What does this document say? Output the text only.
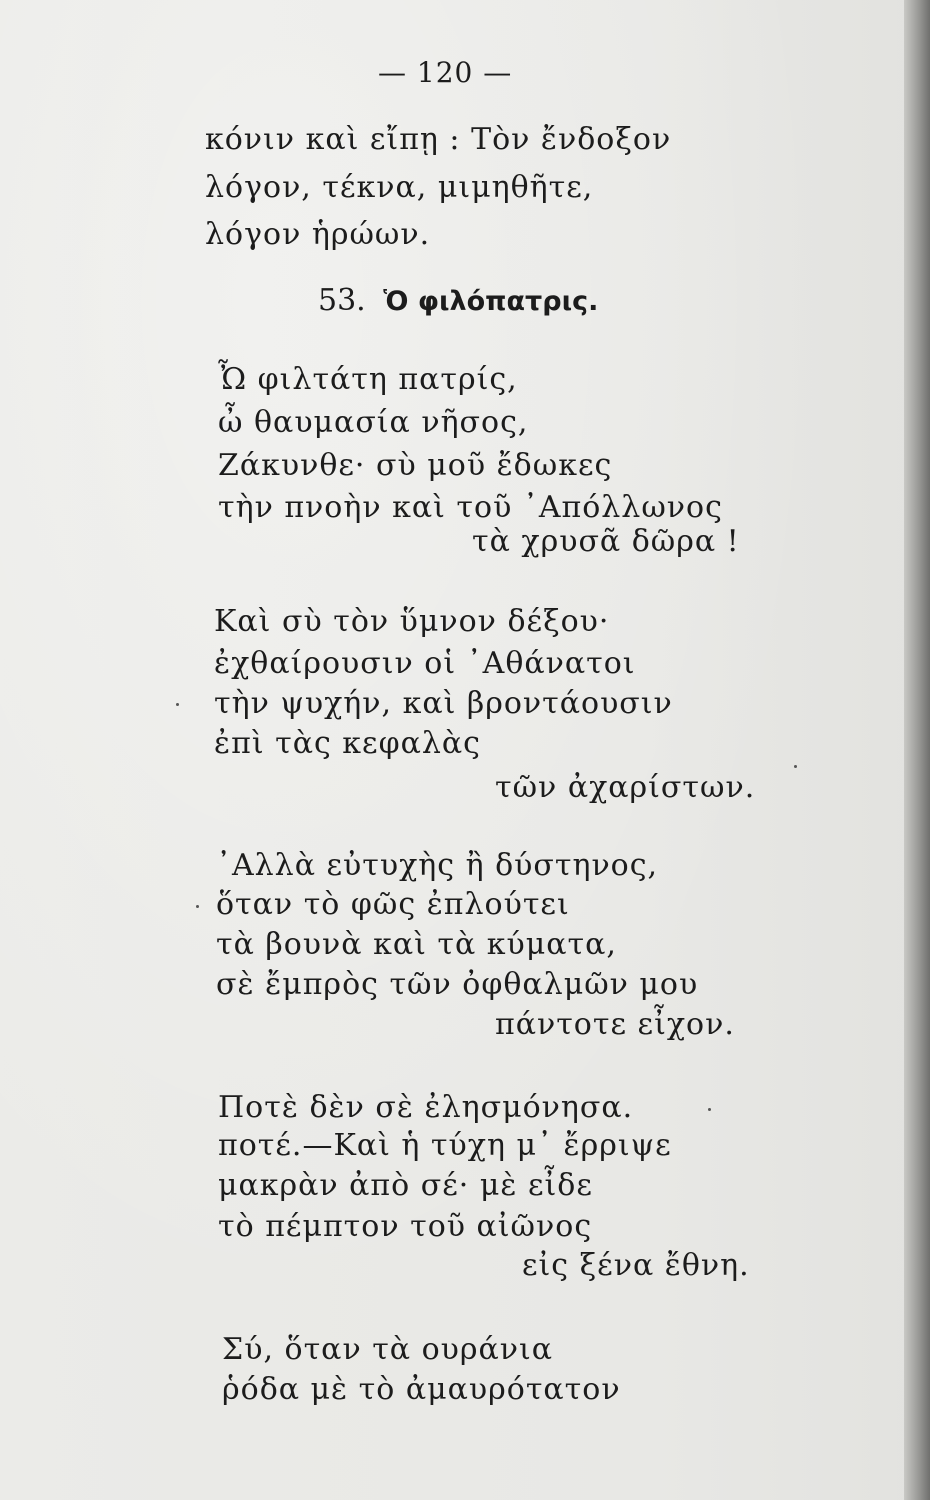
— 120 —
κόνιν καὶ εἴπῃ : Τὸν ἔνδοξον
λόγον, τέκνα, μιμηθῆτε,
λόγον ἡρώων.
53. Ὁ φιλόπατρις.
Ὦ φιλτάτη πατρίς,
ὦ θαυμασία νῆσος,
Ζάκυνθε· σὺ μοῦ ἔδωκες
τὴν πνοὴν καὶ τοῦ ᾿Απόλλωνος
τὰ χρυσᾶ δῶρα !
Καὶ σὺ τὸν ὕμνον δέξου·
ἐχθαίρουσιν οἱ ᾿Αθάνατοι
τὴν ψυχήν, καὶ βροντάουσιν
ἐπὶ τὰς κεφαλὰς
τῶν ἀχαρίστων.
᾿Αλλὰ εὐτυχὴς ἢ δύστηνος,
ὅταν τὸ φῶς ἐπλούτει
τὰ βουνὰ καὶ τὰ κύματα,
σὲ ἔμπρὸς τῶν ὀφθαλμῶν μου
πάντοτε εἶχον.
Ποτὲ δὲν σὲ ἐλησμόνησα.
ποτέ.—Καὶ ἡ τύχη μ᾿ ἔρριψε
μακρὰν ἀπὸ σέ· μὲ εἶδε
τὸ πέμπτον τοῦ αἰῶνος
εἰς ξένα ἔθνη.
Σύ, ὅταν τὰ ουράνια
ῥόδα μὲ τὸ ἀμαυρότατον
